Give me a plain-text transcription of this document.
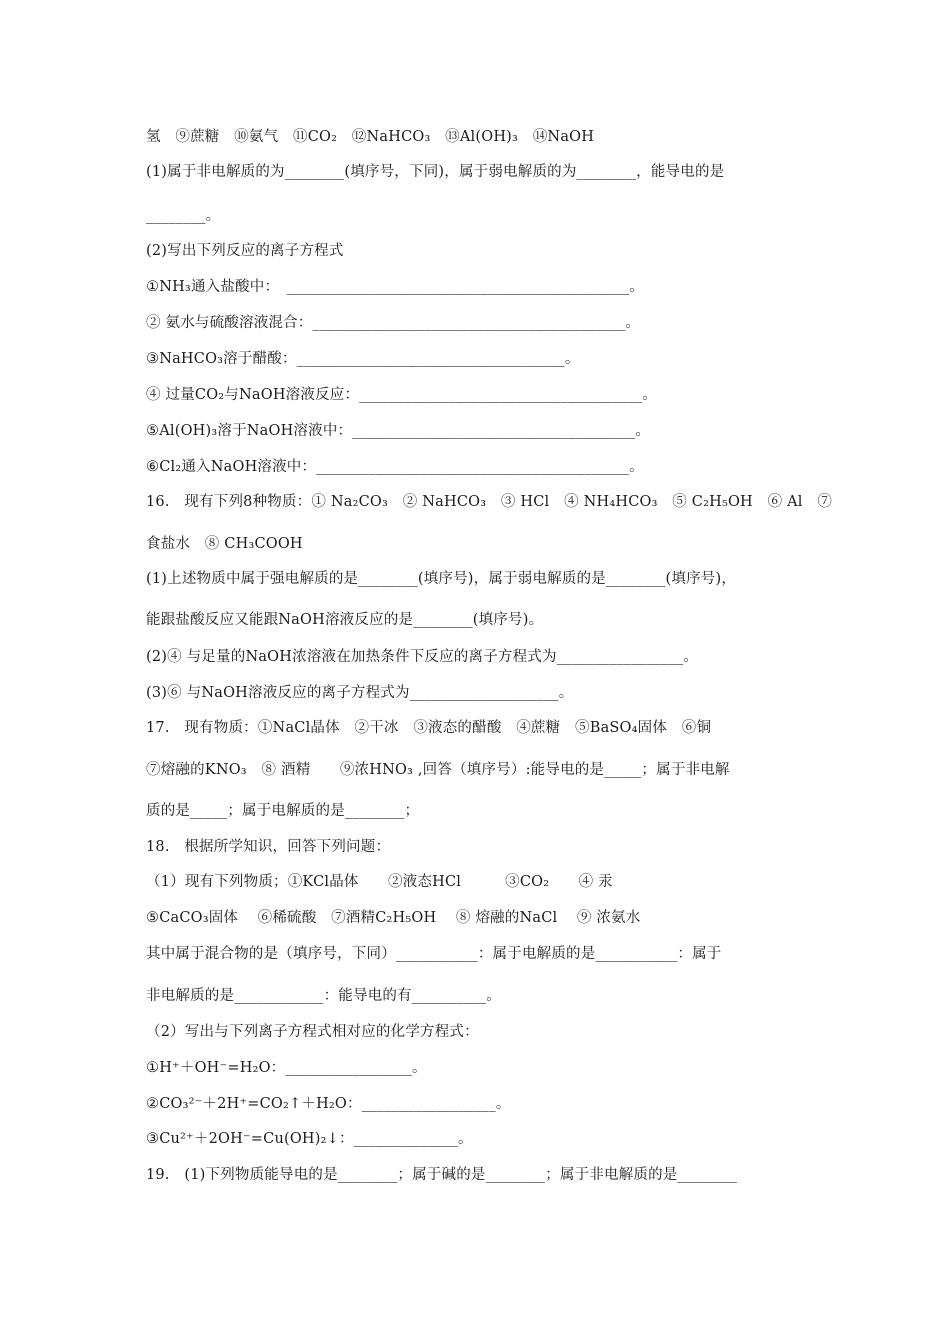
氢　⑨蔗糖　⑩氨气　⑪CO₂　⑫NaHCO₃　⑬Al(OH)₃　⑭NaOH
(1)属于非电解质的为________(填序号，下同)，属于弱电解质的为________，能导电的是
________。
(2)写出下列反应的离子方程式
①NH₃通入盐酸中：　______________________________________________。
② 氨水与硫酸溶液混合：__________________________________________。
③NaHCO₃溶于醋酸：____________________________________。
④ 过量CO₂与NaOH溶液反应：______________________________________。
⑤Al(OH)₃溶于NaOH溶液中：______________________________________。
⑥Cl₂通入NaOH溶液中：__________________________________________。
16.　现有下列8种物质：① Na₂CO₃　② NaHCO₃　③ HCl　④ NH₄HCO₃　⑤ C₂H₅OH　⑥ Al　⑦
食盐水　⑧ CH₃COOH
(1)上述物质中属于强电解质的是________(填序号)，属于弱电解质的是________(填序号)，
能跟盐酸反应又能跟NaOH溶液反应的是________(填序号)。
(2)④ 与足量的NaOH浓溶液在加热条件下反应的离子方程式为_________________。
(3)⑥ 与NaOH溶液反应的离子方程式为____________________。
17.　现有物质：①NaCl晶体　②干冰　③液态的醋酸　④蔗糖　⑤BaSO₄固体　⑥铜
⑦熔融的KNO₃　⑧ 酒精　　⑨浓HNO₃ ,回答（填序号）:能导电的是_____；属于非电解
质的是_____；属于电解质的是________；
18.　根据所学知识，回答下列问题：
（1）现有下列物质；①KCl晶体　　②液态HCl　　　③CO₂　　④ 汞
⑤CaCO₃固体　 ⑥稀硫酸　⑦酒精C₂H₅OH　 ⑧ 熔融的NaCl　 ⑨ 浓氨水
其中属于混合物的是（填序号，下同）___________：属于电解质的是___________：属于
非电解质的是____________：能导电的有__________。
（2）写出与下列离子方程式相对应的化学方程式：
①H⁺＋OH⁻=H₂O：_________________。
②CO₃²⁻＋2H⁺=CO₂↑＋H₂O：__________________。
③Cu²⁺＋2OH⁻=Cu(OH)₂↓：______________。
19.　(1)下列物质能导电的是________；属于碱的是________；属于非电解质的是________
